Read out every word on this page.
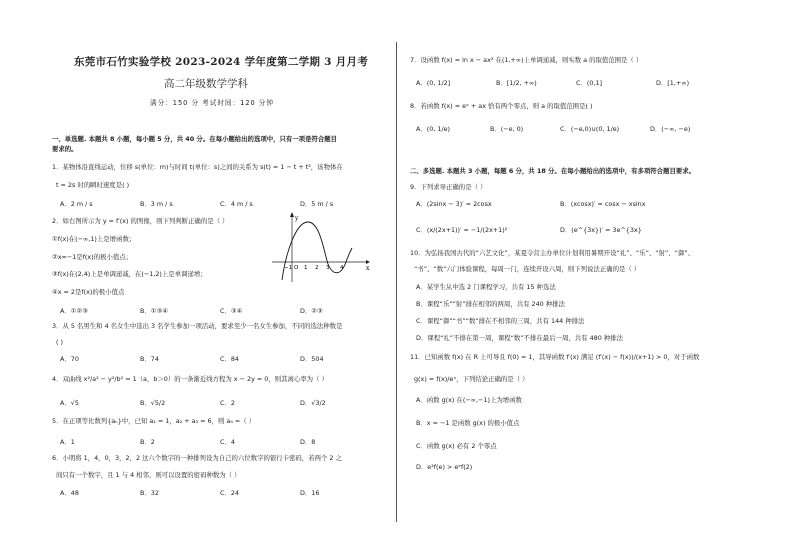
东莞市石竹实验学校 2023-2024 学年度第二学期 3 月月考
高二年级数学学科
满分：150 分 考试时间：120 分钟
一、单选题. 本题共 8 小题，每小题 5 分，共 40 分。在每小题给出的选项中，只有一项是符合题目
要求的。
1．某物体沿直线运动，位移 s(单位：m)与时间 t(单位：s)之间的关系为 s(t) = 1 − t + t²，该物体在
t = 2s 时的瞬时速度是( )
A．2 m / s	B．3 m / s	C．4 m / s	D．5 m / s
2．如右图所示为 y = f′(x) 的图像，则下列判断正确的是（ ）
①f(x)在(−∞,1)上是增函数；
②x=−1是f(x)的极小值点；
③f(x)在(2,4)上是单调递减，在(−1,2)上是单调递增；
④x = 2是f(x)的极小值点
A．①②③	B．①③④	C．③④	D．②③
y
x
−1 O 1 2 3 4
3．从 5 名男生和 4 名女生中选出 3 名学生参加一项活动，要求至少一名女生参加，不同的选法种数是
( )
A．70	B．74	C．84	D．504
4．双曲线 x²/a² − y²/b² = 1（a，b＞0）的一条渐近线方程为 x − 2y = 0，则其离心率为（ ）
A．√5	B．√5/2	C．2	D．√3/2
5．在正项等比数列{aₙ}中，已知 a₁ = 1，a₂ + a₃ = 6，则 a₄ =（ ）
A．1	B．2	C．4	D．8
6．小明将 1，4，0，3，2，2 这六个数字的一种排列设为自己的六位数字的银行卡密码，若两个 2 之
间只有一个数字，且 1 与 4 相邻，则可以设置的密码种数为（ ）
A．48	B．32	C．24	D．16
7．设函数 f(x) = ln x − ax² 在(1,+∞)上单调递减，则实数 a 的取值范围是（ ）
A．(0, 1/2]	B．[1/2, +∞)	C．(0,1]	D．[1,+∞)
8．若函数 f(x) = eˣ + ax 恰有两个零点，则 a 的取值范围是( )
A．(0, 1/e)	B．(−e, 0)	C．(−e,0)∪(0, 1/e)	D．(−∞, −e)
二、多选题. 本题共 3 小题，每题 6 分，共 18 分。在每小题给出的选项中，有多项符合题目要求。
9．下列求导正确的是（ ）
A．(2sinx − 3)′ = 2cosx	B．(xcosx)′ = cosx − xsinx
C．(x/(2x+1))′ = −1/(2x+1)²	D．(e^{3x})′ = 3e^{3x}
10．为弘扬我国古代的“六艺文化”，某夏令营主办单位计划利用暑期开设“礼”、“乐”、“射”、“御”、
“书”、“数”六门体验课程，每周一门，连续开设六周，则下列说法正确的是（ ）
A．某学生从中选 2 门课程学习，共有 15 种选法
B．课程“乐”“射”排在相邻的两周，共有 240 种排法
C．课程“御”“书”“数”排在不相邻的三周，共有 144 种排法
D．课程“礼”不排在第一周，课程“数”不排在最后一周，共有 480 种排法
11．已知函数 f(x) 在 R 上可导且 f(0) = 1，其导函数 f′(x) 满足 (f′(x) − f(x))/(x+1) > 0，对于函数
g(x) = f(x)/eˣ，下列结论正确的是（ ）
A．函数 g(x) 在(−∞,−1)上为增函数
B．x = −1 是函数 g(x) 的极小值点
C．函数 g(x) 必有 2 个零点
D．e²f(e) > eᵉf(2)
